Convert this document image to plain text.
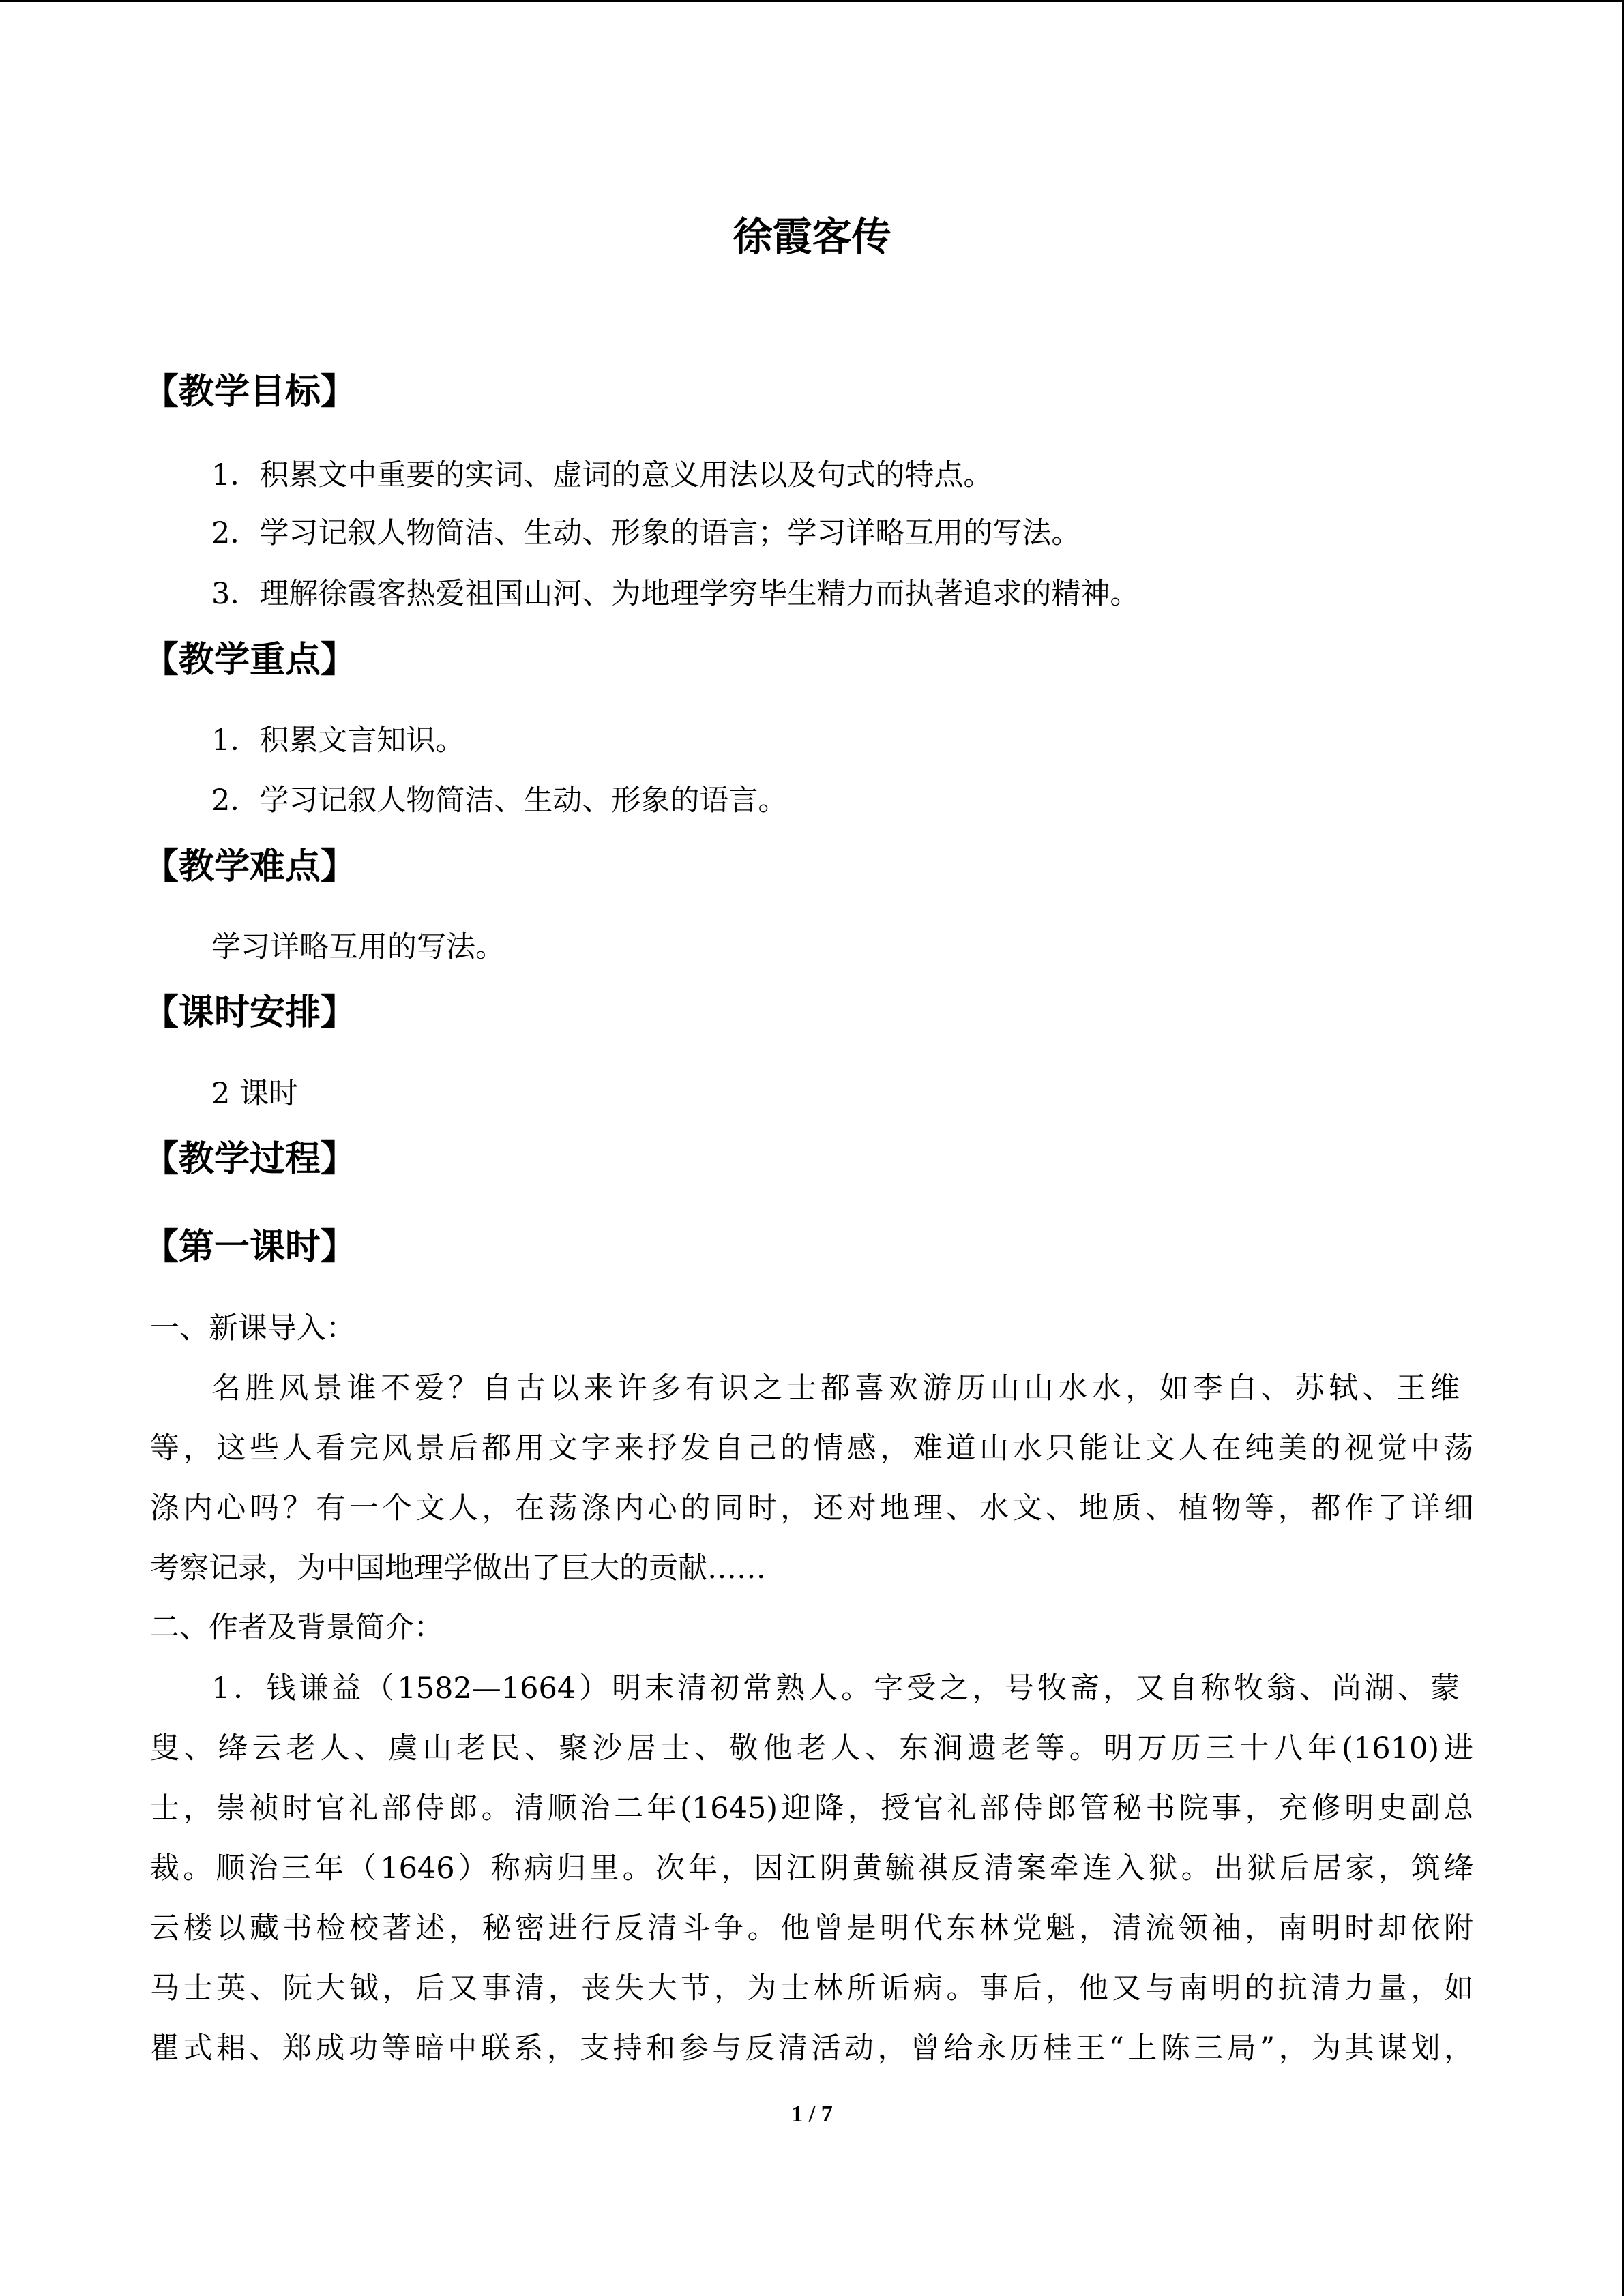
徐霞客传
【教学目标】
1．积累文中重要的实词、虚词的意义用法以及句式的特点。
2．学习记叙人物简洁、生动、形象的语言；学习详略互用的写法。
3．理解徐霞客热爱祖国山河、为地理学穷毕生精力而执著追求的精神。
【教学重点】
1．积累文言知识。
2．学习记叙人物简洁、生动、形象的语言。
【教学难点】
学习详略互用的写法。
【课时安排】
2 课时
【教学过程】
【第一课时】
一、新课导入：
名胜风景谁不爱？自古以来许多有识之士都喜欢游历山山水水，如李白、苏轼、王维
等，这些人看完风景后都用文字来抒发自己的情感，难道山水只能让文人在纯美的视觉中荡
涤内心吗？有一个文人，在荡涤内心的同时，还对地理、水文、地质、植物等，都作了详细
考察记录，为中国地理学做出了巨大的贡献……
二、作者及背景简介：
1．钱谦益（1582—1664）明末清初常熟人。字受之，号牧斋，又自称牧翁、尚湖、蒙
叟、绛云老人、虞山老民、聚沙居士、敬他老人、东涧遗老等。明万历三十八年(1610)进
士，崇祯时官礼部侍郎。清顺治二年(1645)迎降，授官礼部侍郎管秘书院事，充修明史副总
裁。顺治三年（1646）称病归里。次年，因江阴黄毓祺反清案牵连入狱。出狱后居家，筑绛
云楼以藏书检校著述，秘密进行反清斗争。他曾是明代东林党魁，清流领袖，南明时却依附
马士英、阮大钺，后又事清，丧失大节，为士林所诟病。事后，他又与南明的抗清力量，如
瞿式耜、郑成功等暗中联系，支持和参与反清活动，曾给永历桂王“上陈三局”，为其谋划，
1 / 7
